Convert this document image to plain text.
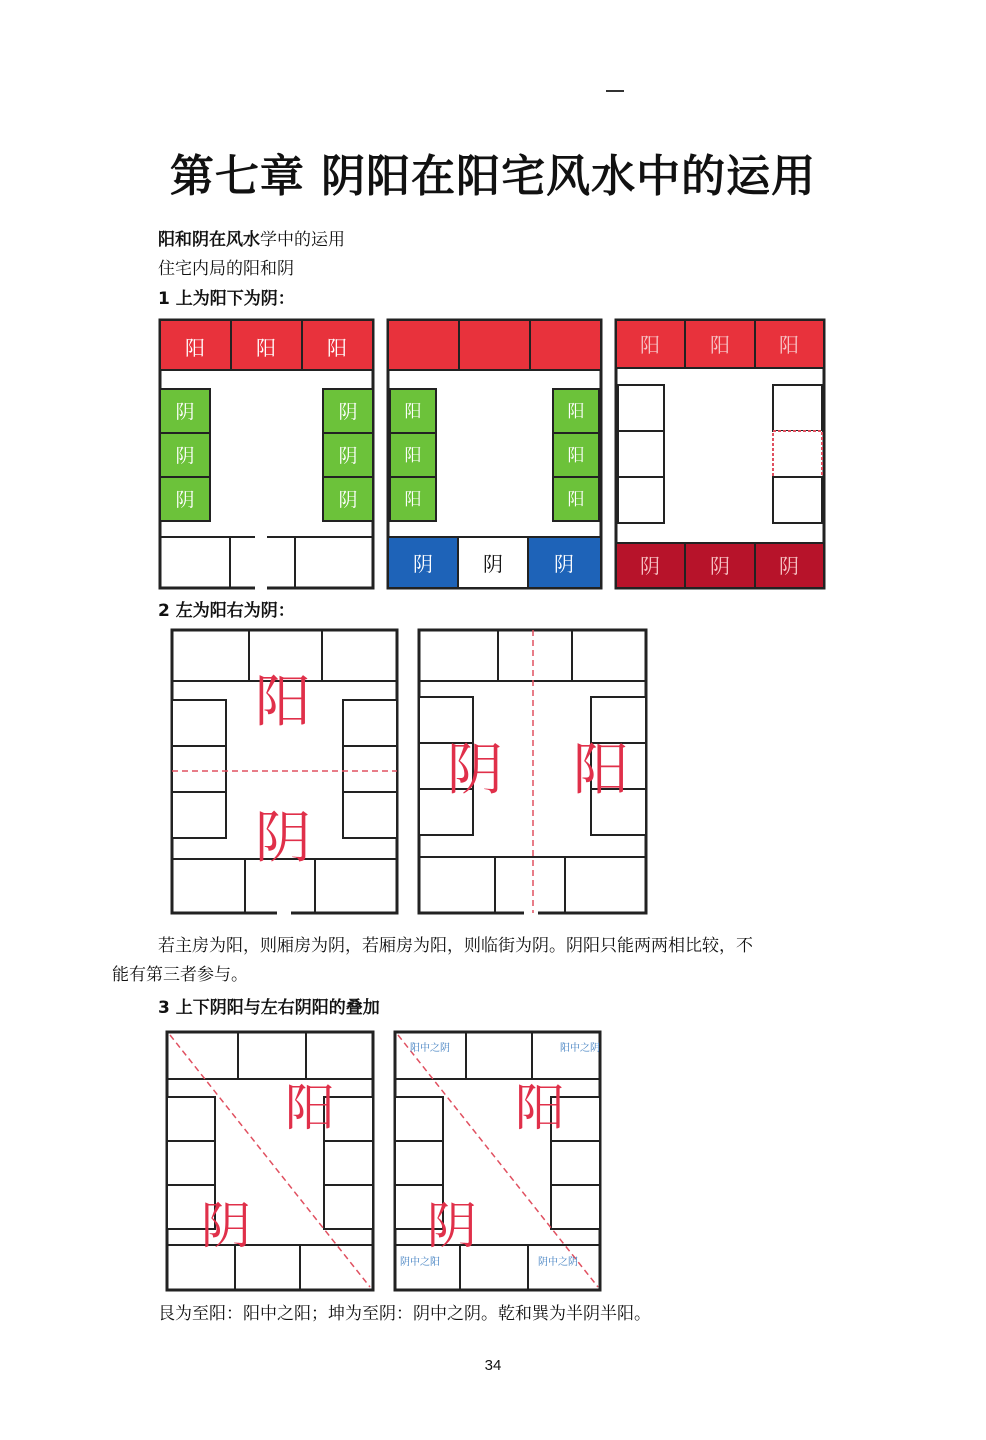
第七章 阴阳在阳宅风水中的运用
阳和阴在风水学中的运用
住宅内局的阳和阴
1 上为阳下为阴：
阳	阳	阳
阴
阴
阴
阴
阴
阴
阳
阳
阳
阳
阳
阳
阴	阴	阴
阳	阳 阳
阴	阴 阴
2 左为阳右为阴：
阳
阴
阴 阳
若主房为阳，则厢房为阴，若厢房为阳，则临街为阴。阴阳只能两两相比较，不
能有第三者参与。
3 上下阴阳与左右阴阳的叠加
阳
阴
阳
阴
阳中之阴	阳中之阴
阴中之阳	阴中之阴
艮为至阳：阳中之阳；坤为至阴：阴中之阴。乾和巽为半阴半阳。
34
